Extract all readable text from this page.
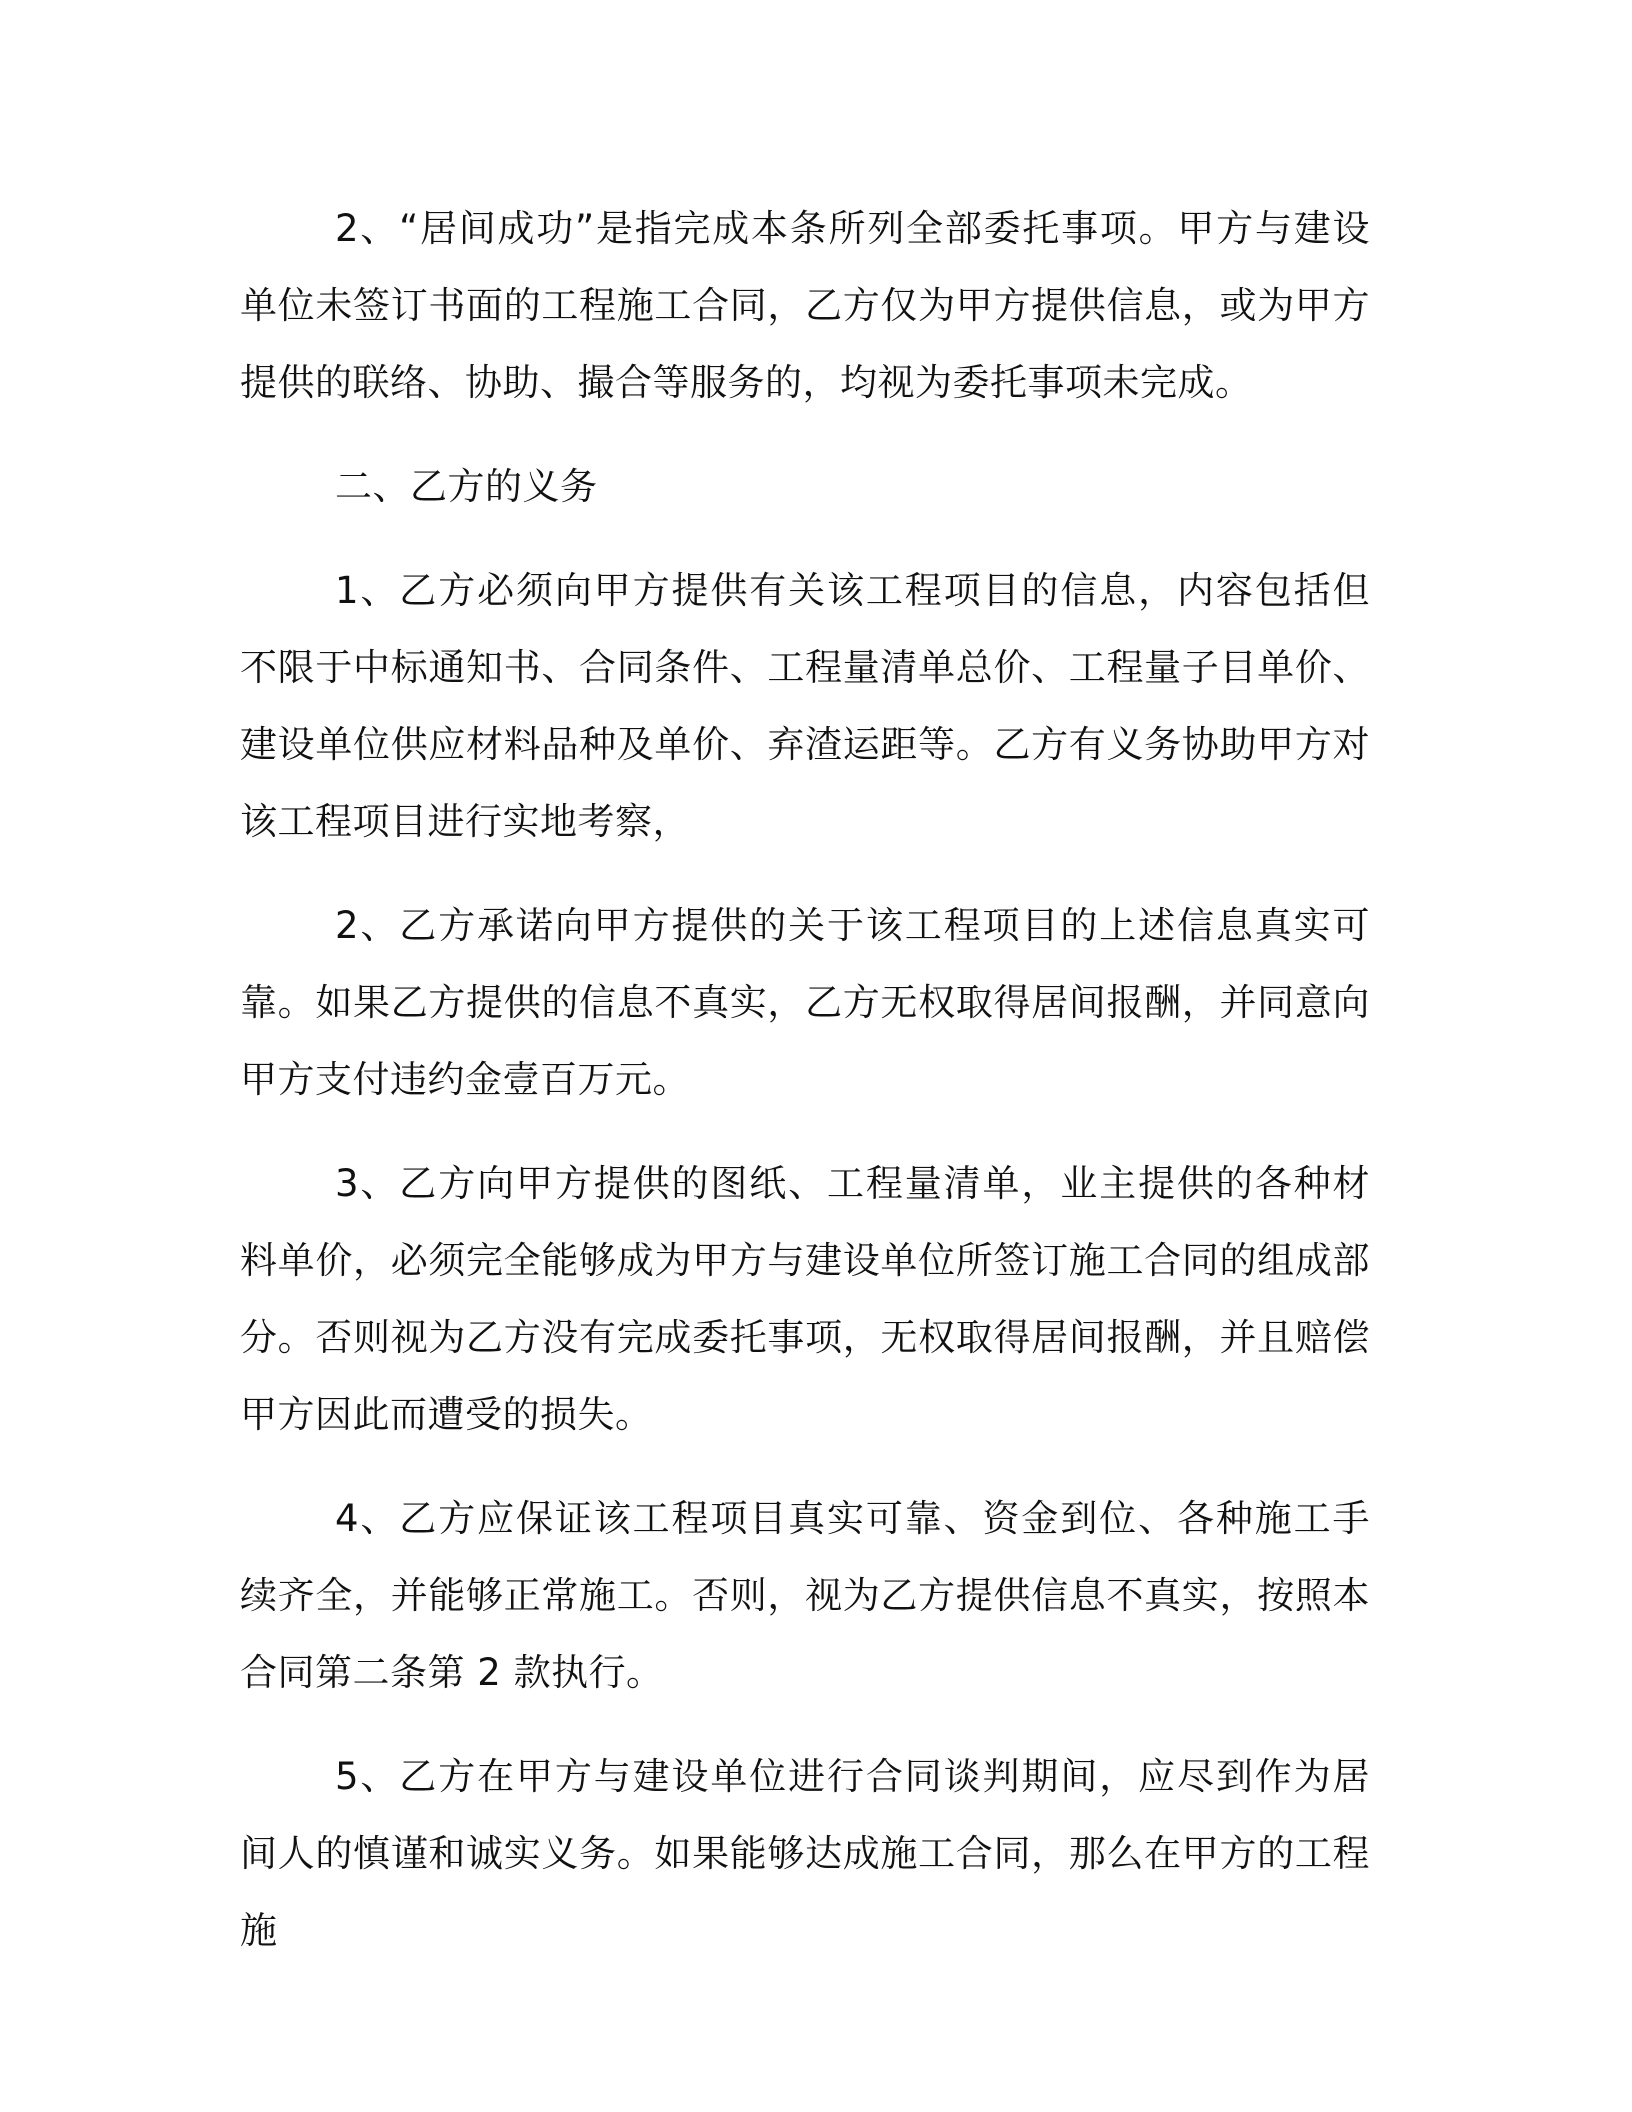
2、“居间成功”是指完成本条所列全部委托事项。甲方与建设单位未签订书面的工程施工合同，乙方仅为甲方提供信息，或为甲方提供的联络、协助、撮合等服务的，均视为委托事项未完成。

二、乙方的义务

1、乙方必须向甲方提供有关该工程项目的信息，内容包括但不限于中标通知书、合同条件、工程量清单总价、工程量子目单价、建设单位供应材料品种及单价、弃渣运距等。乙方有义务协助甲方对该工程项目进行实地考察，

2、乙方承诺向甲方提供的关于该工程项目的上述信息真实可靠。如果乙方提供的信息不真实，乙方无权取得居间报酬，并同意向甲方支付违约金壹百万元。

3、乙方向甲方提供的图纸、工程量清单，业主提供的各种材料单价，必须完全能够成为甲方与建设单位所签订施工合同的组成部分。否则视为乙方没有完成委托事项，无权取得居间报酬，并且赔偿甲方因此而遭受的损失。

4、乙方应保证该工程项目真实可靠、资金到位、各种施工手续齐全，并能够正常施工。否则，视为乙方提供信息不真实，按照本合同第二条第 2 款执行。

5、乙方在甲方与建设单位进行合同谈判期间，应尽到作为居间人的慎谨和诚实义务。如果能够达成施工合同，那么在甲方的工程施
